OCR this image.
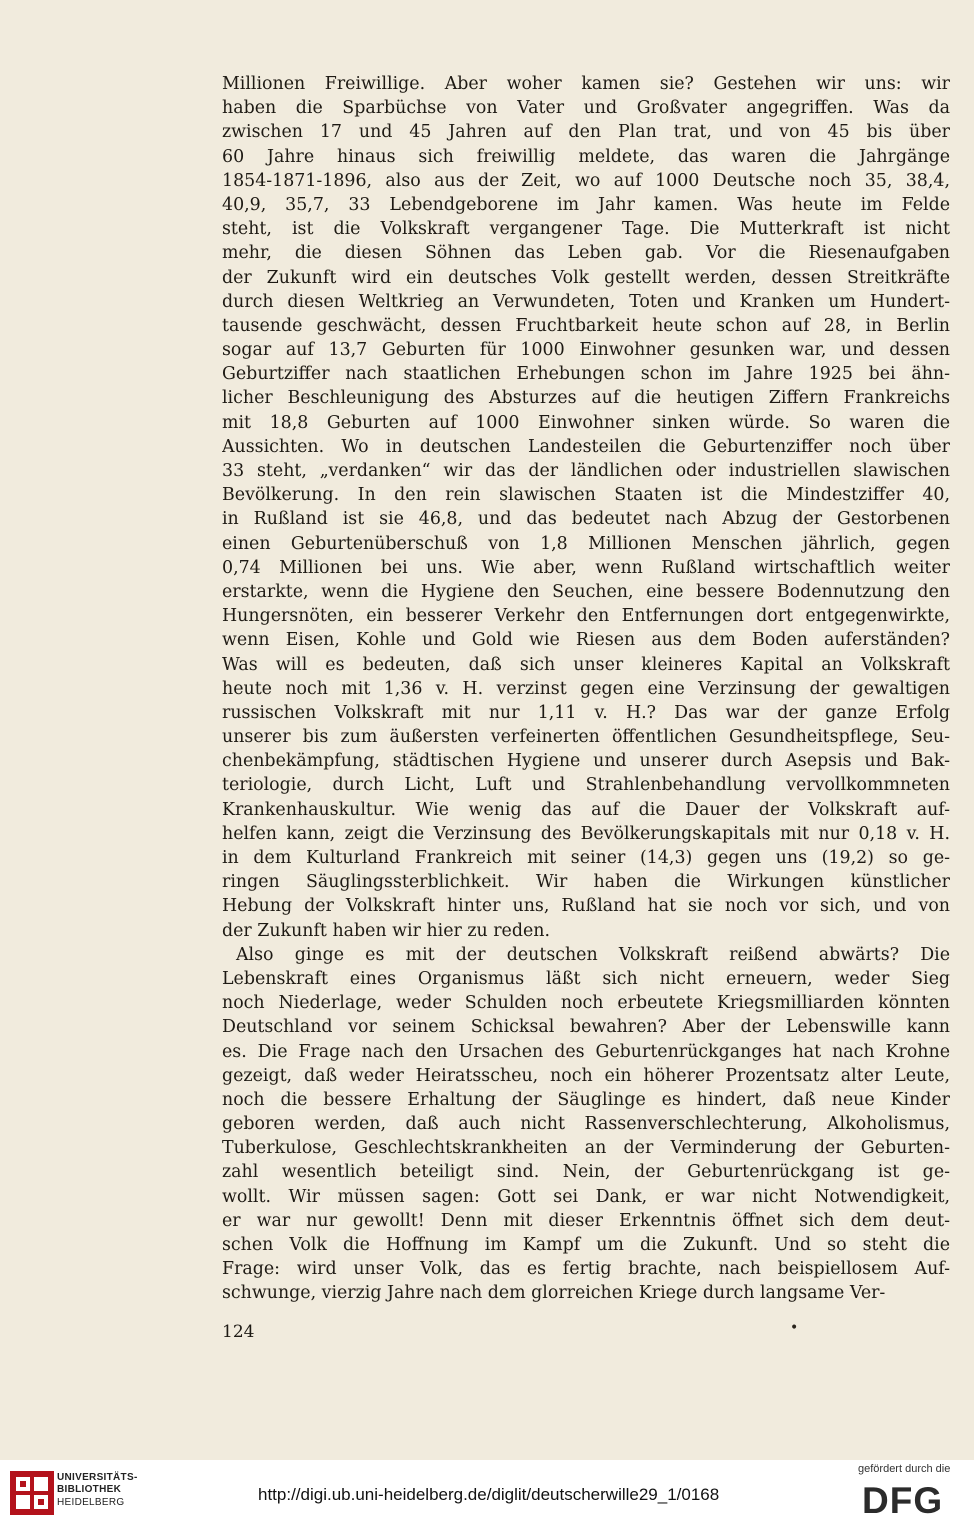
Millionen Freiwillige. Aber woher kamen sie? Gestehen wir uns: wir
haben die Sparbüchse von Vater und Großvater angegriffen. Was da
zwischen 17 und 45 Jahren auf den Plan trat, und von 45 bis über
60 Jahre hinaus sich freiwillig meldete, das waren die Jahrgänge
1854-1871-1896, also aus der Zeit, wo auf 1000 Deutsche noch 35, 38,4,
40,9, 35,7, 33 Lebendgeborene im Jahr kamen. Was heute im Felde
steht, ist die Volkskraft vergangener Tage. Die Mutterkraft ist nicht
mehr, die diesen Söhnen das Leben gab. Vor die Riesenaufgaben
der Zukunft wird ein deutsches Volk gestellt werden, dessen Streitkräfte
durch diesen Weltkrieg an Verwundeten, Toten und Kranken um Hundert-
tausende geschwächt, dessen Fruchtbarkeit heute schon auf 28, in Berlin
sogar auf 13,7 Geburten für 1000 Einwohner gesunken war, und dessen
Geburtziffer nach staatlichen Erhebungen schon im Jahre 1925 bei ähn-
licher Beschleunigung des Absturzes auf die heutigen Ziffern Frankreichs
mit 18,8 Geburten auf 1000 Einwohner sinken würde. So waren die
Aussichten. Wo in deutschen Landesteilen die Geburtenziffer noch über
33 steht, „verdanken“ wir das der ländlichen oder industriellen slawischen
Bevölkerung. In den rein slawischen Staaten ist die Mindestziffer 40,
in Rußland ist sie 46,8, und das bedeutet nach Abzug der Gestorbenen
einen Geburtenüberschuß von 1,8 Millionen Menschen jährlich, gegen
0,74 Millionen bei uns. Wie aber, wenn Rußland wirtschaftlich weiter
erstarkte, wenn die Hygiene den Seuchen, eine bessere Bodennutzung den
Hungersnöten, ein besserer Verkehr den Entfernungen dort entgegenwirkte,
wenn Eisen, Kohle und Gold wie Riesen aus dem Boden auferständen?
Was will es bedeuten, daß sich unser kleineres Kapital an Volkskraft
heute noch mit 1,36 v. H. verzinst gegen eine Verzinsung der gewaltigen
russischen Volkskraft mit nur 1,11 v. H.? Das war der ganze Erfolg
unserer bis zum äußersten verfeinerten öffentlichen Gesundheitspflege, Seu-
chenbekämpfung, städtischen Hygiene und unserer durch Asepsis und Bak-
teriologie, durch Licht, Luft und Strahlenbehandlung vervollkommneten
Krankenhauskultur. Wie wenig das auf die Dauer der Volkskraft auf-
helfen kann, zeigt die Verzinsung des Bevölkerungskapitals mit nur 0,18 v. H.
in dem Kulturland Frankreich mit seiner (14,3) gegen uns (19,2) so ge-
ringen Säuglingssterblichkeit. Wir haben die Wirkungen künstlicher
Hebung der Volkskraft hinter uns, Rußland hat sie noch vor sich, und von
der Zukunft haben wir hier zu reden.
Also ginge es mit der deutschen Volkskraft reißend abwärts? Die
Lebenskraft eines Organismus läßt sich nicht erneuern, weder Sieg
noch Niederlage, weder Schulden noch erbeutete Kriegsmilliarden könnten
Deutschland vor seinem Schicksal bewahren? Aber der Lebenswille kann
es. Die Frage nach den Ursachen des Geburtenrückganges hat nach Krohne
gezeigt, daß weder Heiratsscheu, noch ein höherer Prozentsatz alter Leute,
noch die bessere Erhaltung der Säuglinge es hindert, daß neue Kinder
geboren werden, daß auch nicht Rassenverschlechterung, Alkoholismus,
Tuberkulose, Geschlechtskrankheiten an der Verminderung der Geburten-
zahl wesentlich beteiligt sind. Nein, der Geburtenrückgang ist ge-
wollt. Wir müssen sagen: Gott sei Dank, er war nicht Notwendigkeit,
er war nur gewollt! Denn mit dieser Erkenntnis öffnet sich dem deut-
schen Volk die Hoffnung im Kampf um die Zukunft. Und so steht die
Frage: wird unser Volk, das es fertig brachte, nach beispiellosem Auf-
schwunge, vierzig Jahre nach dem glorreichen Kriege durch langsame Ver-
124	•
UNIVERSITÄTS-
BIBLIOTHEK
HEIDELBERG	http://digi.ub.uni-heidelberg.de/diglit/deutscherwille29_1/0168
gefördert durch die
DFG
